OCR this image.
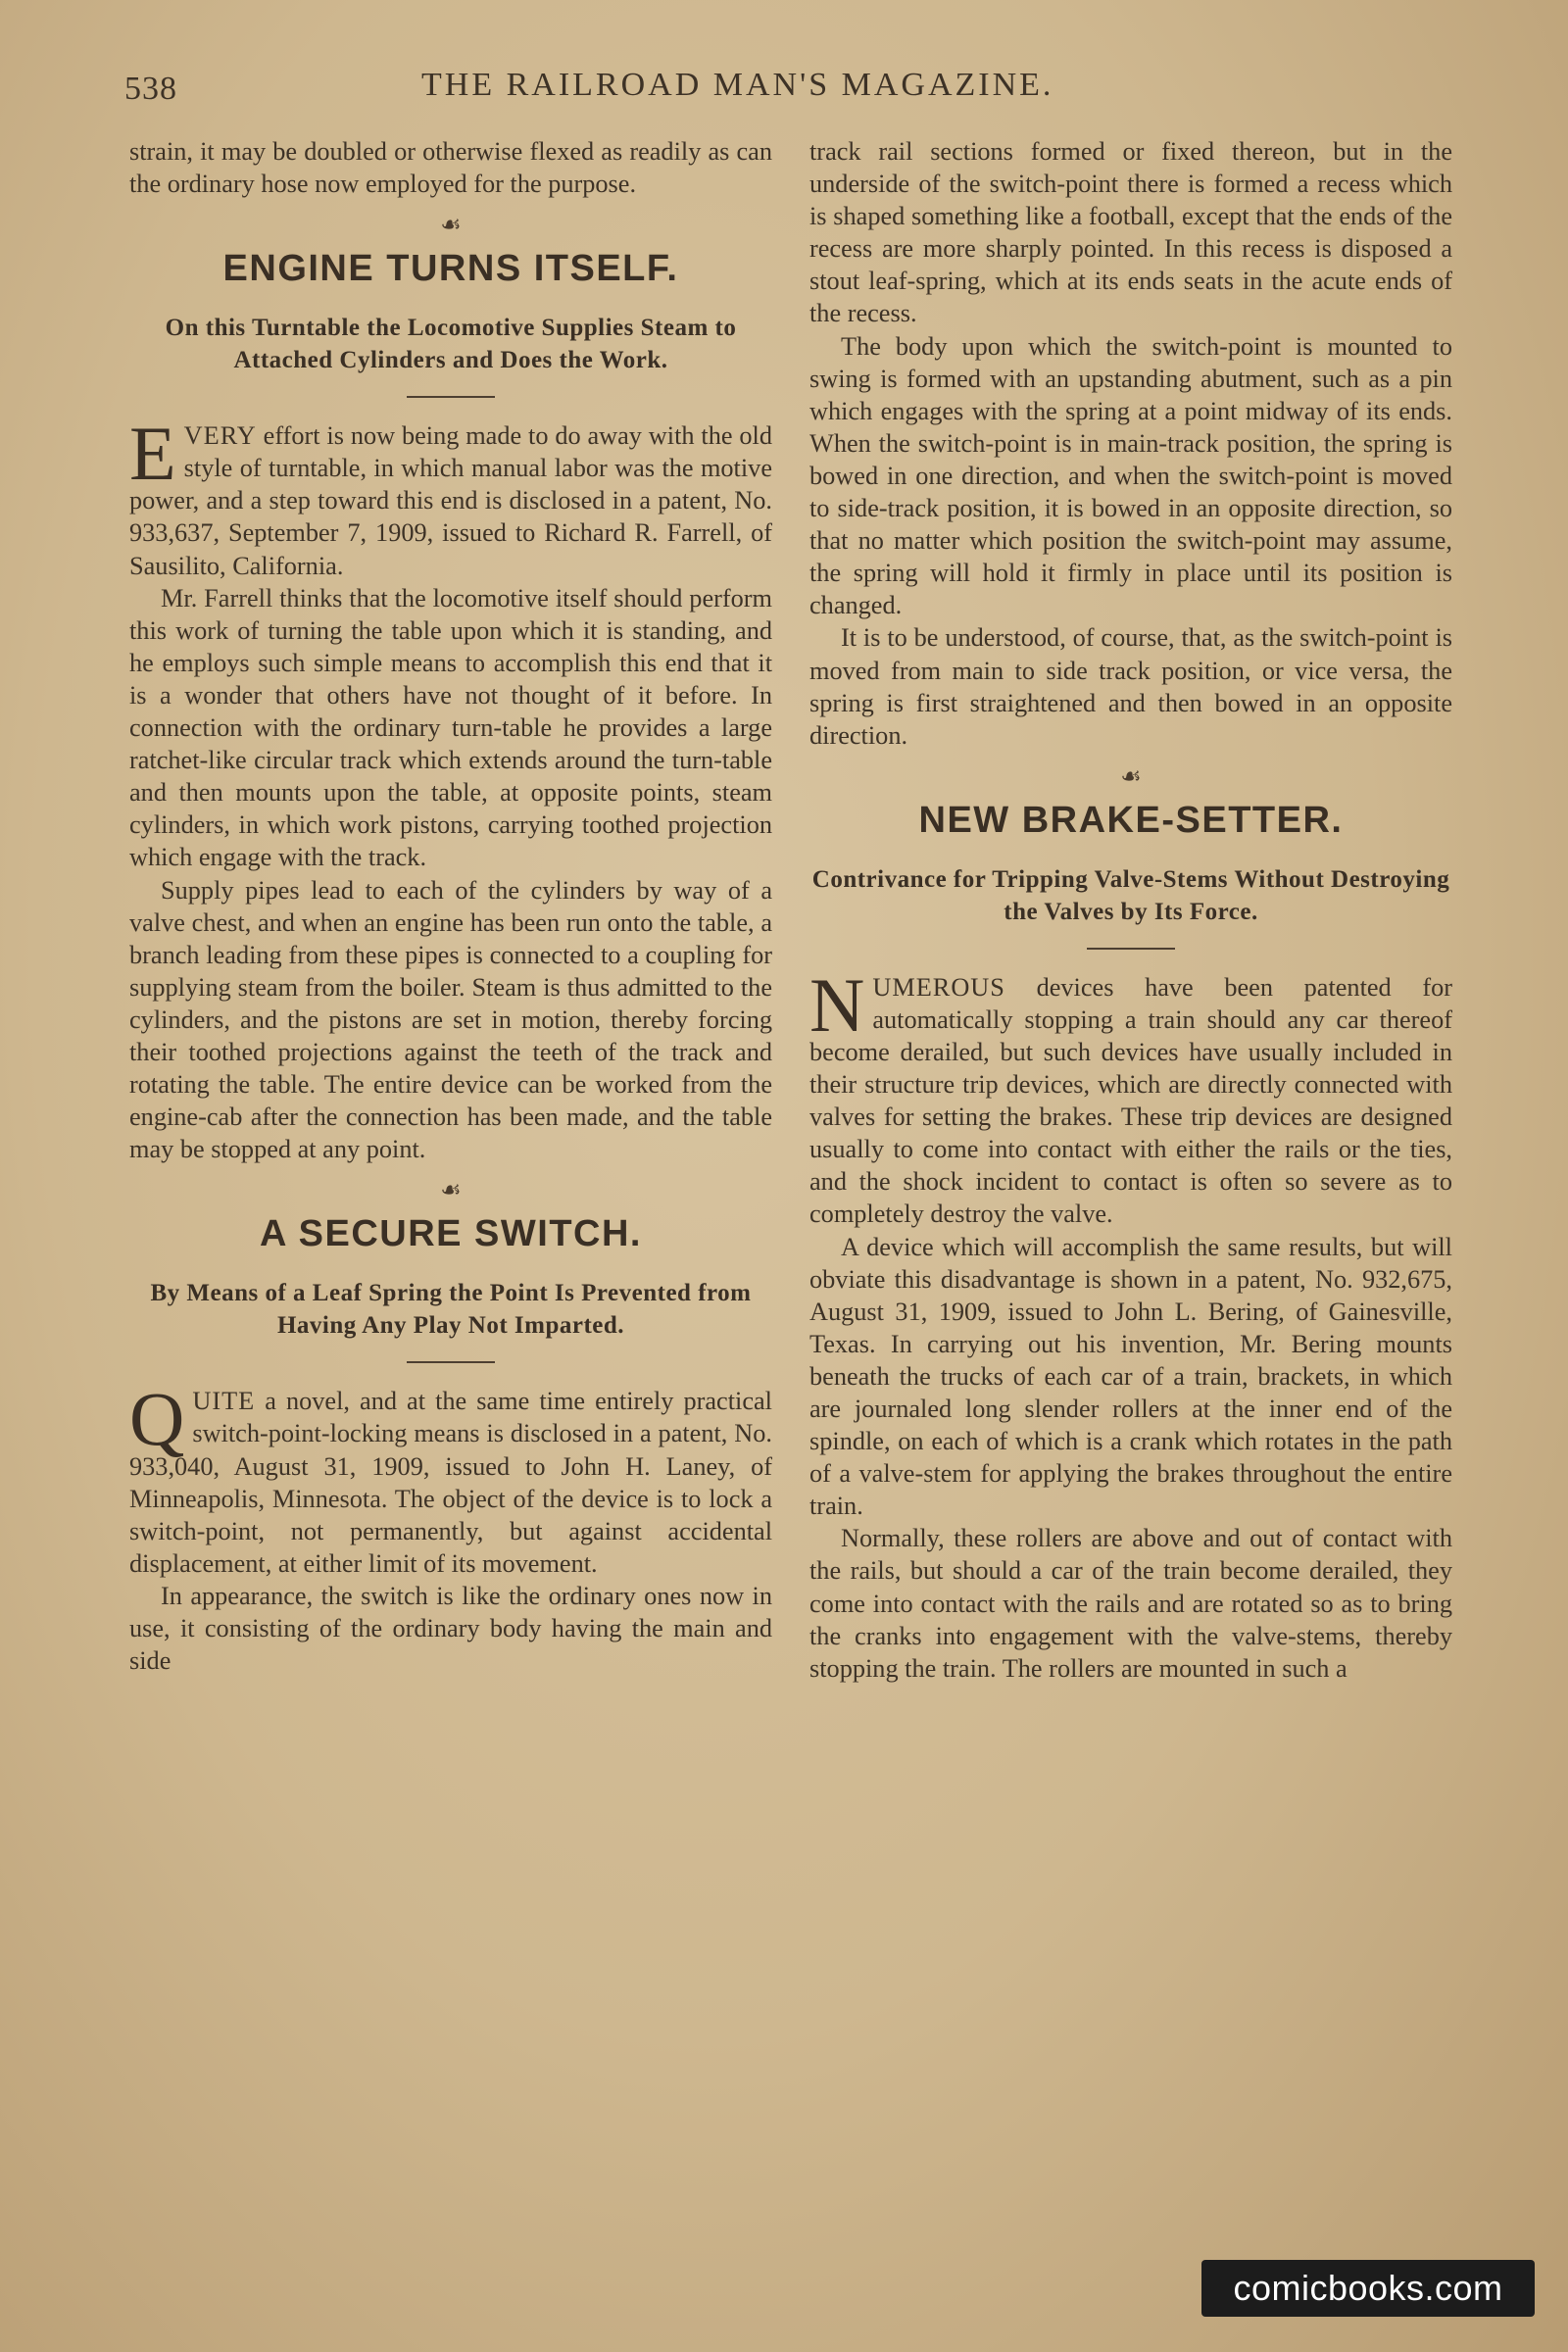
538	THE RAILROAD MAN'S MAGAZINE.

strain, it may be doubled or otherwise flexed as readily as can the ordinary hose now employed for the purpose.

☙
ENGINE TURNS ITSELF.
On this Turntable the Locomotive Supplies Steam to Attached Cylinders and Does the Work.

EVERY effort is now being made to do away with the old style of turntable, in which manual labor was the motive power, and a step toward this end is disclosed in a patent, No. 933,637, September 7, 1909, issued to Richard R. Farrell, of Sausilito, California.

Mr. Farrell thinks that the locomotive itself should perform this work of turning the table upon which it is standing, and he employs such simple means to accomplish this end that it is a wonder that others have not thought of it before. In connection with the ordinary turn-table he provides a large ratchet-like circular track which extends around the turn-table and then mounts upon the table, at opposite points, steam cylinders, in which work pistons, carrying toothed projection which engage with the track.

Supply pipes lead to each of the cylinders by way of a valve chest, and when an engine has been run onto the table, a branch leading from these pipes is connected to a coupling for supplying steam from the boiler. Steam is thus admitted to the cylinders, and the pistons are set in motion, thereby forcing their toothed projections against the teeth of the track and rotating the table. The entire device can be worked from the engine-cab after the connection has been made, and the table may be stopped at any point.

☙
A SECURE SWITCH.
By Means of a Leaf Spring the Point Is Prevented from Having Any Play Not Imparted.

QUITE a novel, and at the same time entirely practical switch-point-locking means is disclosed in a patent, No. 933,040, August 31, 1909, issued to John H. Laney, of Minneapolis, Minnesota. The object of the device is to lock a switch-point, not permanently, but against accidental displacement, at either limit of its movement.

In appearance, the switch is like the ordinary ones now in use, it consisting of the ordinary body having the main and side

track rail sections formed or fixed thereon, but in the underside of the switch-point there is formed a recess which is shaped something like a football, except that the ends of the recess are more sharply pointed. In this recess is disposed a stout leaf-spring, which at its ends seats in the acute ends of the recess.

The body upon which the switch-point is mounted to swing is formed with an upstanding abutment, such as a pin which engages with the spring at a point midway of its ends. When the switch-point is in main-track position, the spring is bowed in one direction, and when the switch-point is moved to side-track position, it is bowed in an opposite direction, so that no matter which position the switch-point may assume, the spring will hold it firmly in place until its position is changed.

It is to be understood, of course, that, as the switch-point is moved from main to side track position, or vice versa, the spring is first straightened and then bowed in an opposite direction.

☙
NEW BRAKE-SETTER.
Contrivance for Tripping Valve-Stems Without Destroying the Valves by Its Force.

NUMEROUS devices have been patented for automatically stopping a train should any car thereof become derailed, but such devices have usually included in their structure trip devices, which are directly connected with valves for setting the brakes. These trip devices are designed usually to come into contact with either the rails or the ties, and the shock incident to contact is often so severe as to completely destroy the valve.

A device which will accomplish the same results, but will obviate this disadvantage is shown in a patent, No. 932,675, August 31, 1909, issued to John L. Bering, of Gainesville, Texas. In carrying out his invention, Mr. Bering mounts beneath the trucks of each car of a train, brackets, in which are journaled long slender rollers at the inner end of the spindle, on each of which is a crank which rotates in the path of a valve-stem for applying the brakes throughout the entire train.

Normally, these rollers are above and out of contact with the rails, but should a car of the train become derailed, they come into contact with the rails and are rotated so as to bring the cranks into engagement with the valve-stems, thereby stopping the train. The rollers are mounted in such a

comicbooks.com
